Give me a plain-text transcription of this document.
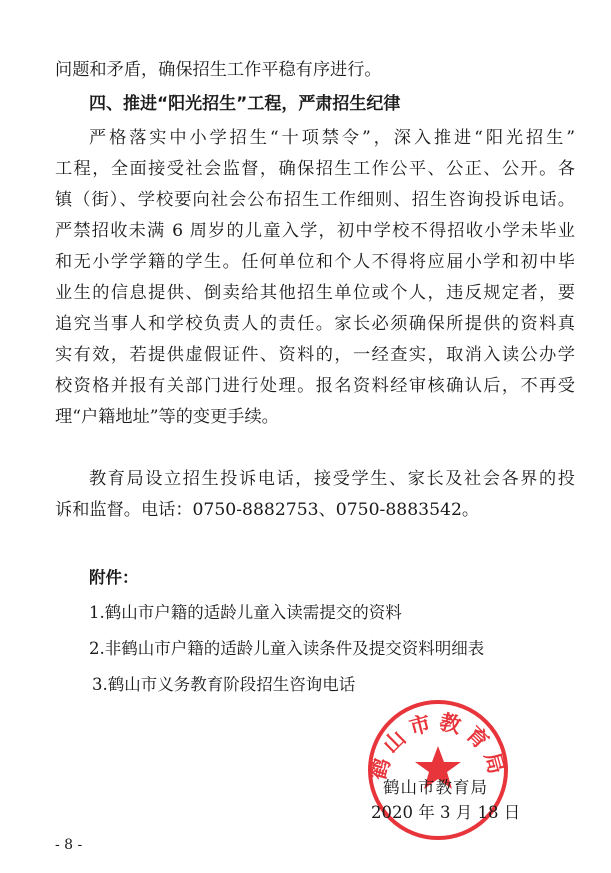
问题和矛盾，确保招生工作平稳有序进行。
四、推进“阳光招生”工程，严肃招生纪律
严格落实中小学招生“十项禁令”，深入推进“阳光招生”
工程，全面接受社会监督，确保招生工作公平、公正、公开。各
镇（街）、学校要向社会公布招生工作细则、招生咨询投诉电话。
严禁招收未满 6 周岁的儿童入学，初中学校不得招收小学未毕业
和无小学学籍的学生。任何单位和个人不得将应届小学和初中毕
业生的信息提供、倒卖给其他招生单位或个人，违反规定者，要
追究当事人和学校负责人的责任。家长必须确保所提供的资料真
实有效，若提供虚假证件、资料的，一经查实，取消入读公办学
校资格并报有关部门进行处理。报名资料经审核确认后，不再受
理“户籍地址”等的变更手续。
教育局设立招生投诉电话，接受学生、家长及社会各界的投
诉和监督。电话：0750-8882753、0750-8883542。
附件：
1.鹤山市户籍的适龄儿童入读需提交的资料
2.非鹤山市户籍的适龄儿童入读条件及提交资料明细表
3.鹤山市义务教育阶段招生咨询电话
鹤山市教育局
鹤山市教育局
2020 年 3 月 18 日
- 8 -
